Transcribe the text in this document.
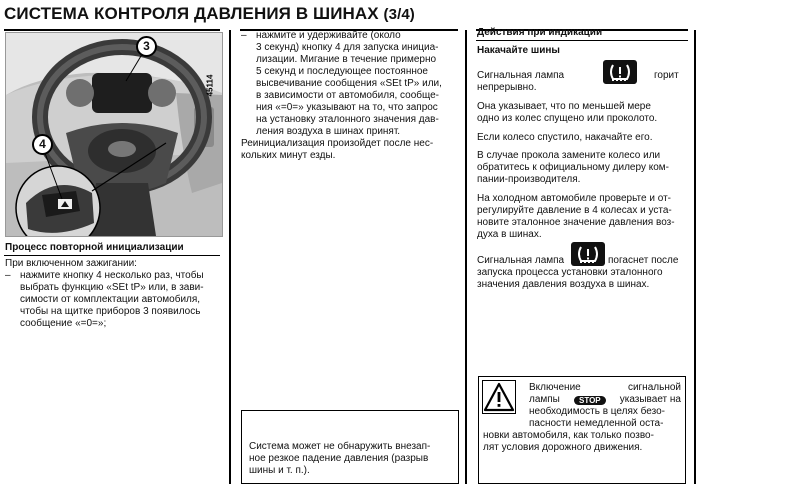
СИСТЕМА КОНТРОЛЯ ДАВЛЕНИЯ В ШИНАХ (3/4)
45114
3
4
Процесс повторной инициализации
При включенном зажигании:
– нажмите кнопку 4 несколько раз, чтобы
выбрать функцию «SEt tP» или, в зави-
симости от комплектации автомобиля,
чтобы на щитке приборов 3 появилось
сообщение «=0=»;
– нажмите и удерживайте (около
3 секунд) кнопку 4 для запуска инициа-
лизации. Мигание в течение примерно
5 секунд и последующее постоянное
высвечивание сообщения «SEt tP» или,
в зависимости от автомобиля, сообще-
ния «=0=» указывают на то, что запрос
на установку эталонного значения дав-
ления воздуха в шинах принят.
Реинициализация произойдет после нес-
кольких минут езды.
Система может не обнаружить внезап-
ное резкое падение давления (разрыв
шины и т. п.).
Действия при индикации
Накачайте шины
Сигнальная лампа	горит
непрерывно.
Она указывает, что по меньшей мере
одно из колес спущено или проколото.
Если колесо спустило, накачайте его.
В случае прокола замените колесо или
обратитесь к официальному дилеру ком-
пании-производителя.
На холодном автомобиле проверьте и от-
регулируйте давление в 4 колесах и уста-
новите эталонное значение давления воз-
духа в шинах.
Сигнальная лампа	погаснет после
запуска процесса установки эталонного
значения давления воздуха в шинах.
Включение	сигнальной
лампы	STOP	указывает на
необходимость в целях безо-
пасности немедленной оста-
новки автомобиля, как только позво-
лят условия дорожного движения.
